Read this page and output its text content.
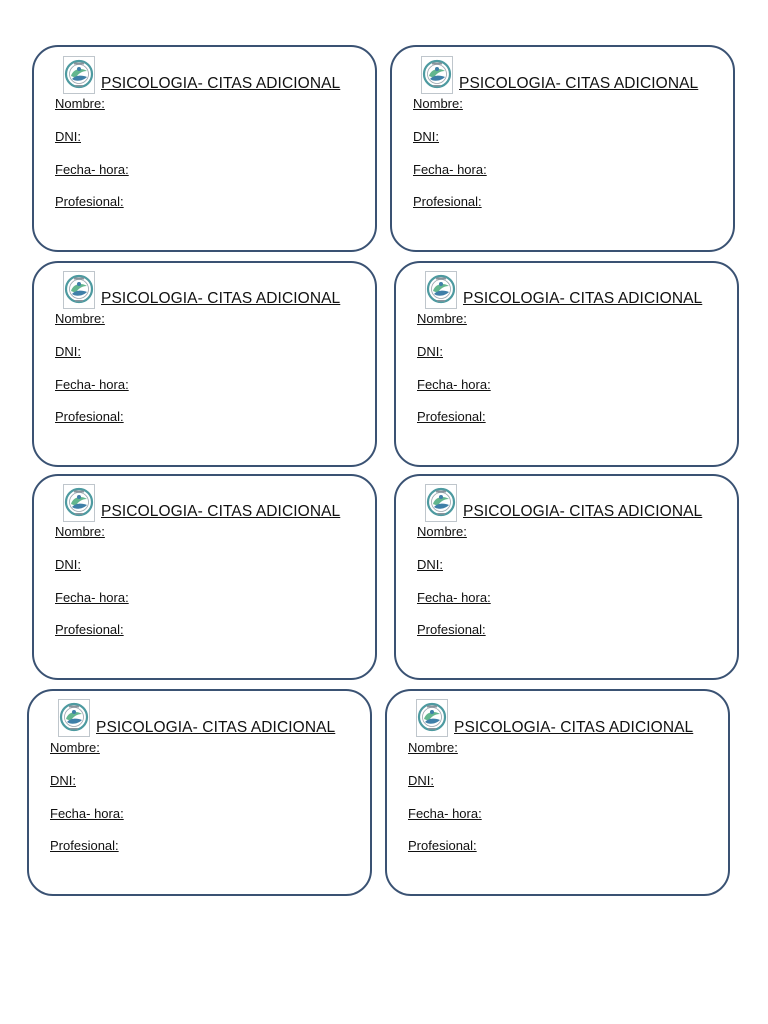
PSICOLOGIA- CITAS ADICIONAL
Nombre:
DNI:
Fecha- hora:
Profesional:
PSICOLOGIA- CITAS ADICIONAL
Nombre:
DNI:
Fecha- hora:
Profesional:
PSICOLOGIA- CITAS ADICIONAL
Nombre:
DNI:
Fecha- hora:
Profesional:
PSICOLOGIA- CITAS ADICIONAL
Nombre:
DNI:
Fecha- hora:
Profesional:
PSICOLOGIA- CITAS ADICIONAL
Nombre:
DNI:
Fecha- hora:
Profesional:
PSICOLOGIA- CITAS ADICIONAL
Nombre:
DNI:
Fecha- hora:
Profesional:
PSICOLOGIA- CITAS ADICIONAL
Nombre:
DNI:
Fecha- hora:
Profesional:
PSICOLOGIA- CITAS ADICIONAL
Nombre:
DNI:
Fecha- hora:
Profesional:
